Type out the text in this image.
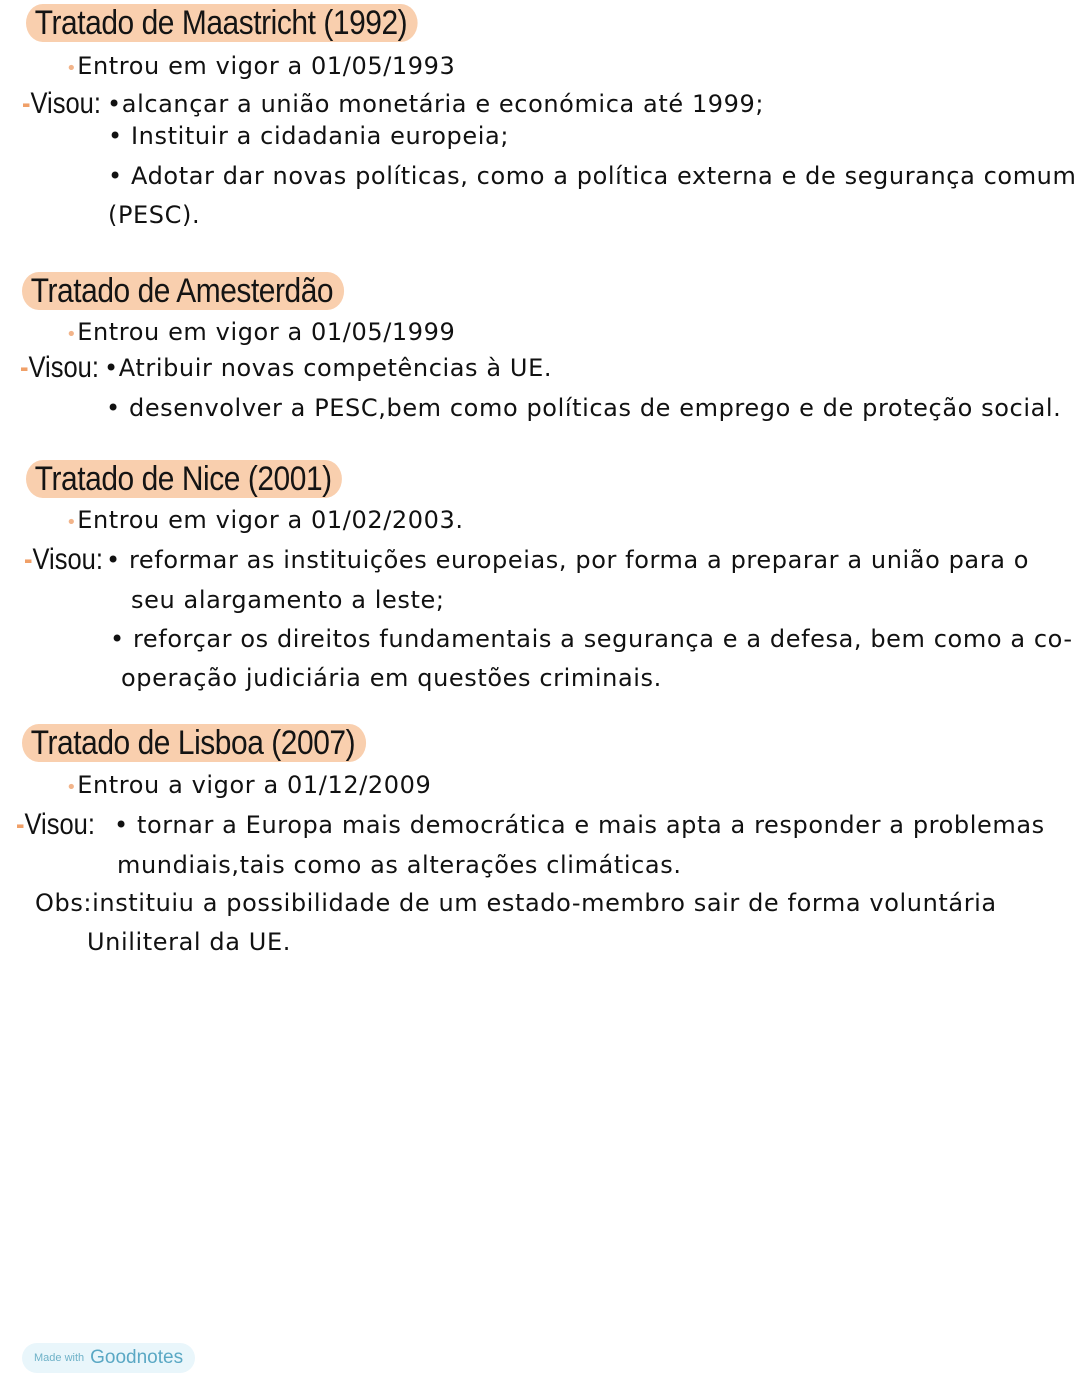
Tratado de Maastricht (1992)
•Entrou em vigor a 01/05/1993
-Visou: •alcançar a união monetária e económica até 1999;
• Instituir a cidadania europeia;
• Adotar dar novas políticas, como a política externa e de segurança comum
(PESC).
Tratado de Amesterdão
•Entrou em vigor a 01/05/1999
-Visou: •Atribuir novas competências à UE.
• desenvolver a PESC,bem como políticas de emprego e de proteção social.
Tratado de Nice (2001)
•Entrou em vigor a 01/02/2003.
-Visou: • reformar as instituições europeias, por forma a preparar a união para o
seu alargamento a leste;
• reforçar os direitos fundamentais a segurança e a defesa, bem como a co-
operação judiciária em questões criminais.
Tratado de Lisboa (2007)
•Entrou a vigor a 01/12/2009
-Visou: • tornar a Europa mais democrática e mais apta a responder a problemas
mundiais,tais como as alterações climáticas.
Obs:instituiu a possibilidade de um estado-membro sair de forma voluntária
Uniliteral da UE.
Made with Goodnotes
